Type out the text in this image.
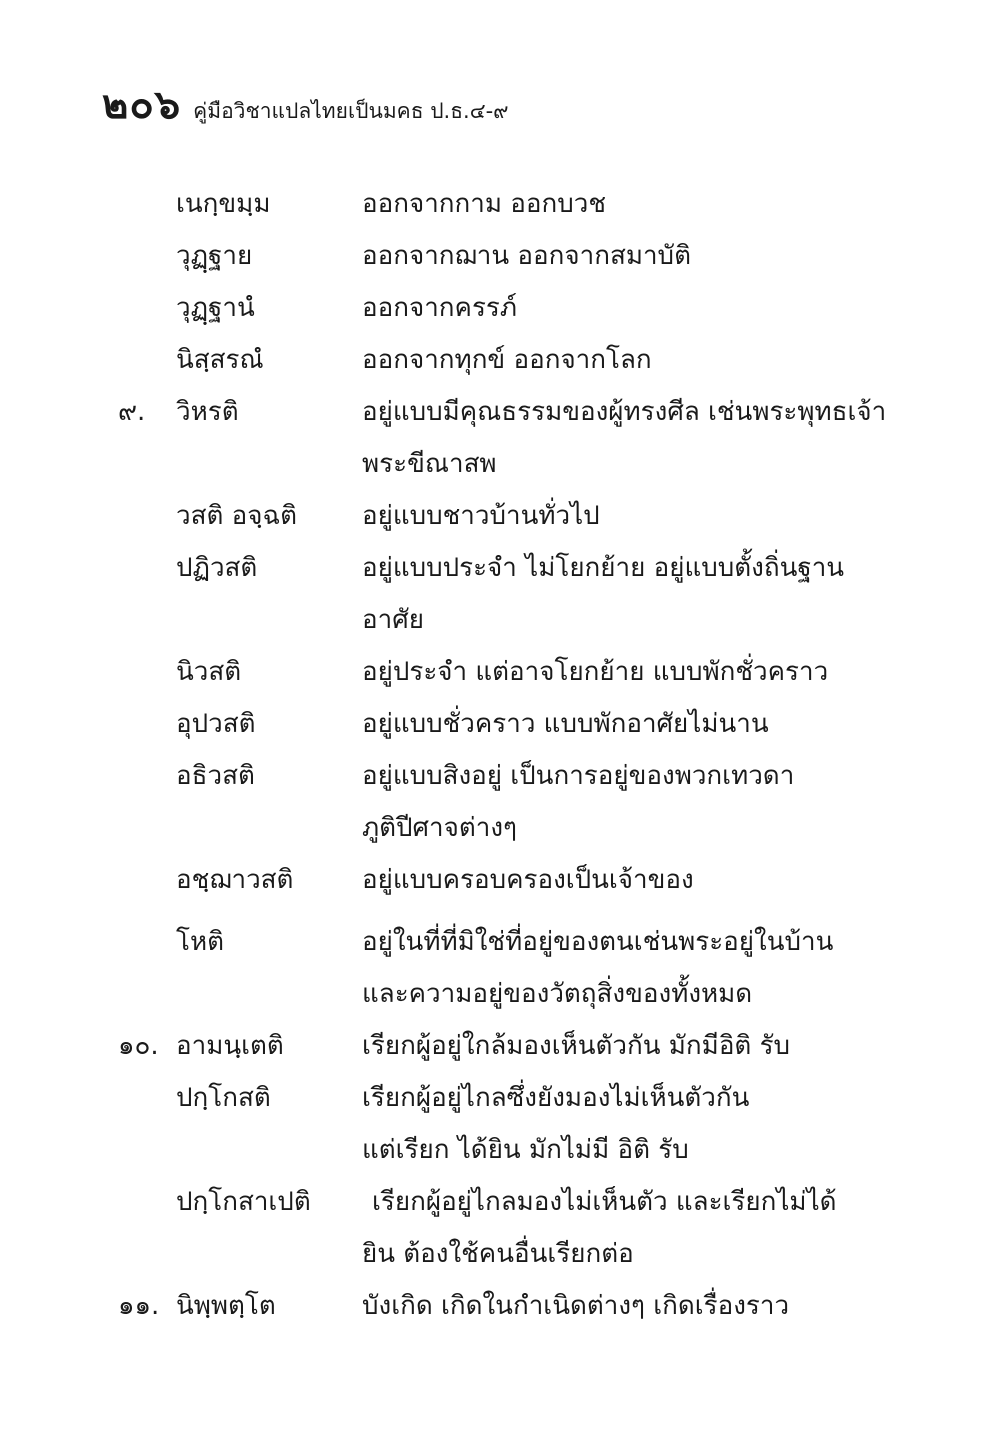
๒๐๖ คู่มือวิชาแปลไทยเป็นมคธ ป.ธ.๔-๙
เนกฺขมฺม	ออกจากกาม ออกบวช
วุฏฺฐาย	ออกจากฌาน ออกจากสมาบัติ
วุฏฺฐานํ	ออกจากครรภ์
นิสฺสรณํ	ออกจากทุกข์ ออกจากโลก
๙. วิหรติ	อยู่แบบมีคุณธรรมของผู้ทรงศีล เช่นพระพุทธเจ้า
พระขีณาสพ
วสติ อจฺฉติ อยู่แบบชาวบ้านทั่วไป
ปฏิวสติ	อยู่แบบประจำ ไม่โยกย้าย อยู่แบบตั้งถิ่นฐาน
อาศัย
นิวสติ	อยู่ประจำ แต่อาจโยกย้าย แบบพักชั่วคราว
อุปวสติ	อยู่แบบชั่วคราว แบบพักอาศัยไม่นาน
อธิวสติ	อยู่แบบสิงอยู่ เป็นการอยู่ของพวกเทวดา
ภูติปีศาจต่างๆ
อชฺฌาวสติ	อยู่แบบครอบครองเป็นเจ้าของ
โหติ	อยู่ในที่ที่มิใช่ที่อยู่ของตนเช่นพระอยู่ในบ้าน
และความอยู่ของวัตถุสิ่งของทั้งหมด
๑๐. อามนฺเตติ	เรียกผู้อยู่ใกล้มองเห็นตัวกัน มักมีอิติ รับ
ปกฺโกสติ	เรียกผู้อยู่ไกลซึ่งยังมองไม่เห็นตัวกัน
แต่เรียก ได้ยิน มักไม่มี อิติ รับ
ปกฺโกสาเปติ เรียกผู้อยู่ไกลมองไม่เห็นตัว และเรียกไม่ได้
ยิน ต้องใช้คนอื่นเรียกต่อ
๑๑. นิพฺพตฺโต	บังเกิด เกิดในกำเนิดต่างๆ เกิดเรื่องราว
